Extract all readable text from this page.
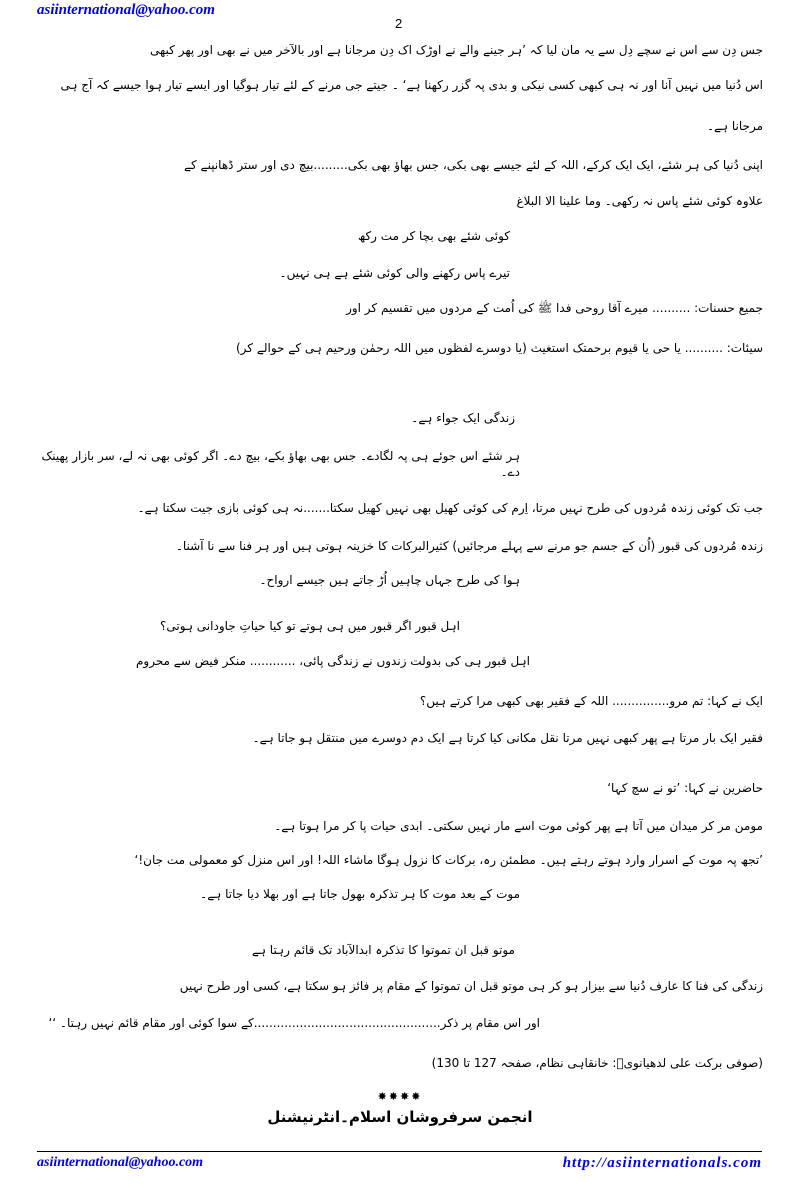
asiinternational@yahoo.com
2
جس دِن سے اس نے سچے دِل سے یہ مان لیا کہ ’ہر جینے والے نے اوڑک اک دِن مرجانا ہے اور بالآخر میں نے بھی اور پھر کبھی
اس دُنیا میں نہیں آنا اور نہ ہی کبھی کسی نیکی و بدی پہ گزر رکھنا ہے‘ ۔ جیتے جی مرنے کے لئے تیار ہوگیا اور ایسے تیار ہوا جیسے کہ آج ہی
مرجانا ہے۔
اپنی دُنیا کی ہر شئے، ایک ایک کرکے، اللہ کے لئے جیسے بھی بکی، جس بھاؤ بھی بکی.........بیچ دی اور ستر ڈھانپنے کے
علاوہ کوئی شئے پاس نہ رکھی۔ وما علینا الا البلاغ
کوئی شئے بھی بچا کر مت رکھ
تیرے پاس رکھنے والی کوئی شئے ہے ہی نہیں۔
جمیع حسنات: .......... میرے آقا روحی فدا ﷺ کی اُمت کے مردوں میں تقسیم کر اور
سیئات: .......... یا حی یا قیوم برحمتک استغیث (یا دوسرے لفظوں میں اللہ رحمٰن ورحیم ہی کے حوالے کر)
زندگی ایک جواء ہے۔
ہر شئے اس جوئے ہی پہ لگادے۔ جس بھی بھاؤ بکے، بیچ دے۔ اگر کوئی بھی نہ لے، سر بازار پھینک دے۔
جب تک کوئی زندہ مُردوں کی طرح نہیں مرتا، اِرم کی کوئی کھیل بھی نہیں کھیل سکتا.......نہ ہی کوئی بازی جیت سکتا ہے۔
زندہ مُردوں کی قبور (اُن کے جسم جو مرنے سے پہلے مرجائیں) کثیرالبرکات کا خزینہ ہوتی ہیں اور ہر فنا سے نا آشنا۔
ہوا کی طرح جہاں چاہیں اُڑ جاتے ہیں جیسے ارواح۔
اہل قبور اگر قبور میں ہی ہوتے تو کیا حیاتِ جاودانی ہوتی؟
اہل قبور ہی کی بدولت زندوں نے زندگی پائی، ............ منکر فیض سے محروم
ایک نے کہا: تم مرو............... اللہ کے فقیر بھی کبھی مرا کرتے ہیں؟
فقیر ایک بار مرتا ہے پھر کبھی نہیں مرتا نقل مکانی کیا کرتا ہے ایک دم دوسرے میں منتقل ہو جاتا ہے۔
حاضرین نے کہا: ’تو نے سچ کہا‘
مومن مر کر میدان میں آتا ہے پھر کوئی موت اسے مار نہیں سکتی۔ ابدی حیات پا کر مرا ہوتا ہے۔
’تجھ پہ موت کے اسرار وارد ہوتے رہتے ہیں۔ مطمئن رہ، برکات کا نزول ہوگا ماشاء اللہ! اور اس منزل کو معمولی مت جان!‘
موت کے بعد موت کا ہر تذکرہ بھول جاتا ہے اور بھلا دیا جاتا ہے۔
موتو قبل ان تموتوا کا تذکرہ ابدالآباد تک قائم رہتا ہے
زندگی کی فنا کا عارف دُنیا سے بیزار ہو کر ہی موتو قبل ان تموتوا کے مقام پر فائز ہو سکتا ہے، کسی اور طرح نہیں
اور اس مقام پر ذکر.................................................کے سوا کوئی اور مقام قائم نہیں رہتا۔ ‘‘
(صوفی برکت علی لدھیانویؒ: خانقاہی نظام، صفحہ 127 تا 130)
✸✸✸✸
انجمن سرفروشان اسلام۔انٹرنیشنل
asiinternational@yahoo.com	http://asiinternationals.com
